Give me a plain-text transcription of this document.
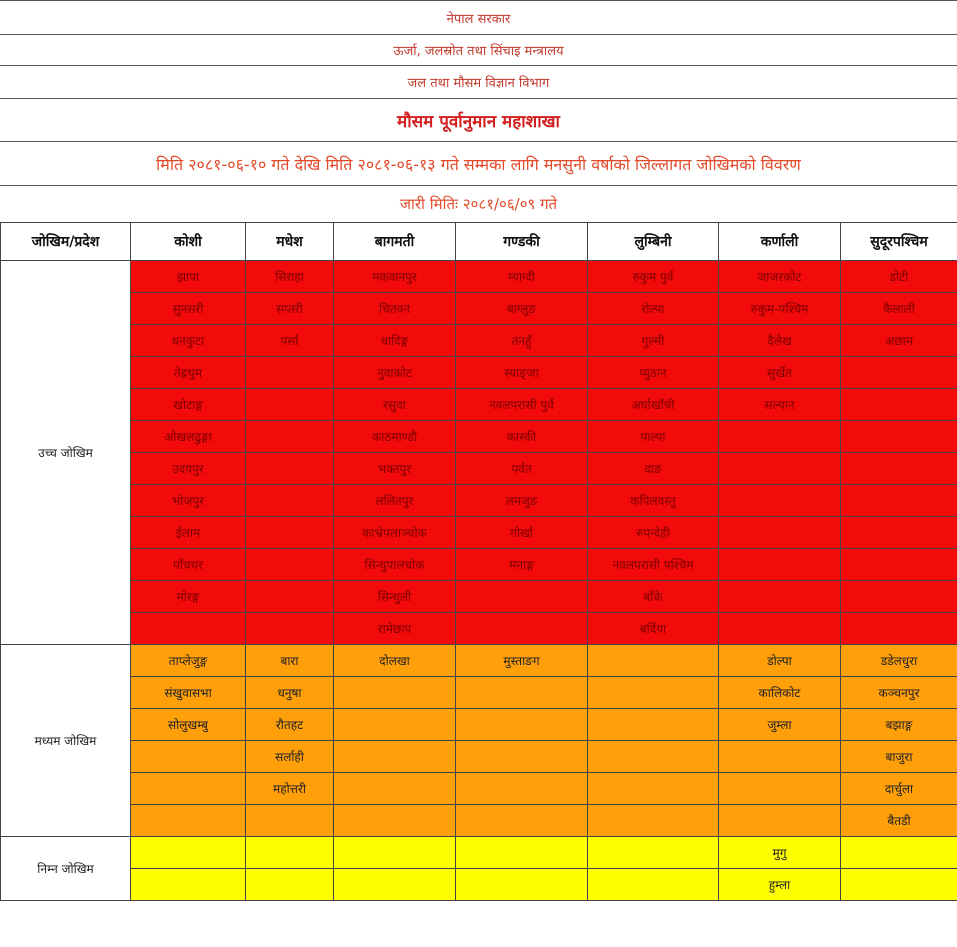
नेपाल सरकार
ऊर्जा, जलस्रोत तथा सिंचाइ मन्त्रालय
जल तथा मौसम विज्ञान विभाग
मौसम पूर्वानुमान महाशाखा
मिति २०८१-०६-१० गते देखि मिति २०८१-०६-१३ गते सम्मका लागि मनसुनी वर्षाको जिल्लागत जोखिमको विवरण
जारी मितिः २०८१/०६/०९ गते
जोखिम/प्रदेश	कोशी	मधेश	बागमती	गण्डकी	लुम्बिनी	कर्णाली	सुदूरपश्चिम
उच्च जोखिम	झापा	सिराहा	मकवानपुर	म्याग्दी	रुकुम पुर्व	जाजरकोट	डोटी
	सुनसरी	सप्तरी	चितवन	बाग्लुङ	रोल्पा	रुकुम-पश्चिम	कैलाली
	धनकुटा	पर्सा	धादिङ्ग	तनहुँ	गुल्मी	दैलेख	अछाम
	तेह्रथुम		नुवाकोट	स्याङ्जा	प्युठान	सुर्खेत	
	खोटाङ्ग		रसुवा	नवलपरासी पुर्व	अर्घाखाँची	सल्यान	
	ओखलढुङ्गा		काठमाण्डौ	कास्की	पाल्पा		
	उदयपुर		भक्तपुर	पर्वत	दाङ		
	भोजपुर		ललितपुर	लमजुङ	कपिलवस्तु		
	ईलाम		काभ्रेपलाञ्चोक	गोर्खा	रुपन्देही		
	पाँचथर		सिन्धुपालचोक	मनाङ्ग	नवलपरासी पश्चिम		
	मोरङ्ग		सिन्धुली		बाँके		
			रामेछाप		बर्दिया		
मध्यम जोखिम	ताप्लेजुङ्ग	बारा	दोलखा	मुस्ताङग		डोल्पा	डडेलधुरा
	संखुवासभा	धनुषा				कालिकोट	कञ्चनपुर
	सोलुखम्बु	रौतहट				जुम्ला	बझाङ्ग
		सर्लाही					बाजुरा
		महोत्तरी					दार्चुला
							बैतडी
निम्न जोखिम						मुगु	
						हुम्ला	
